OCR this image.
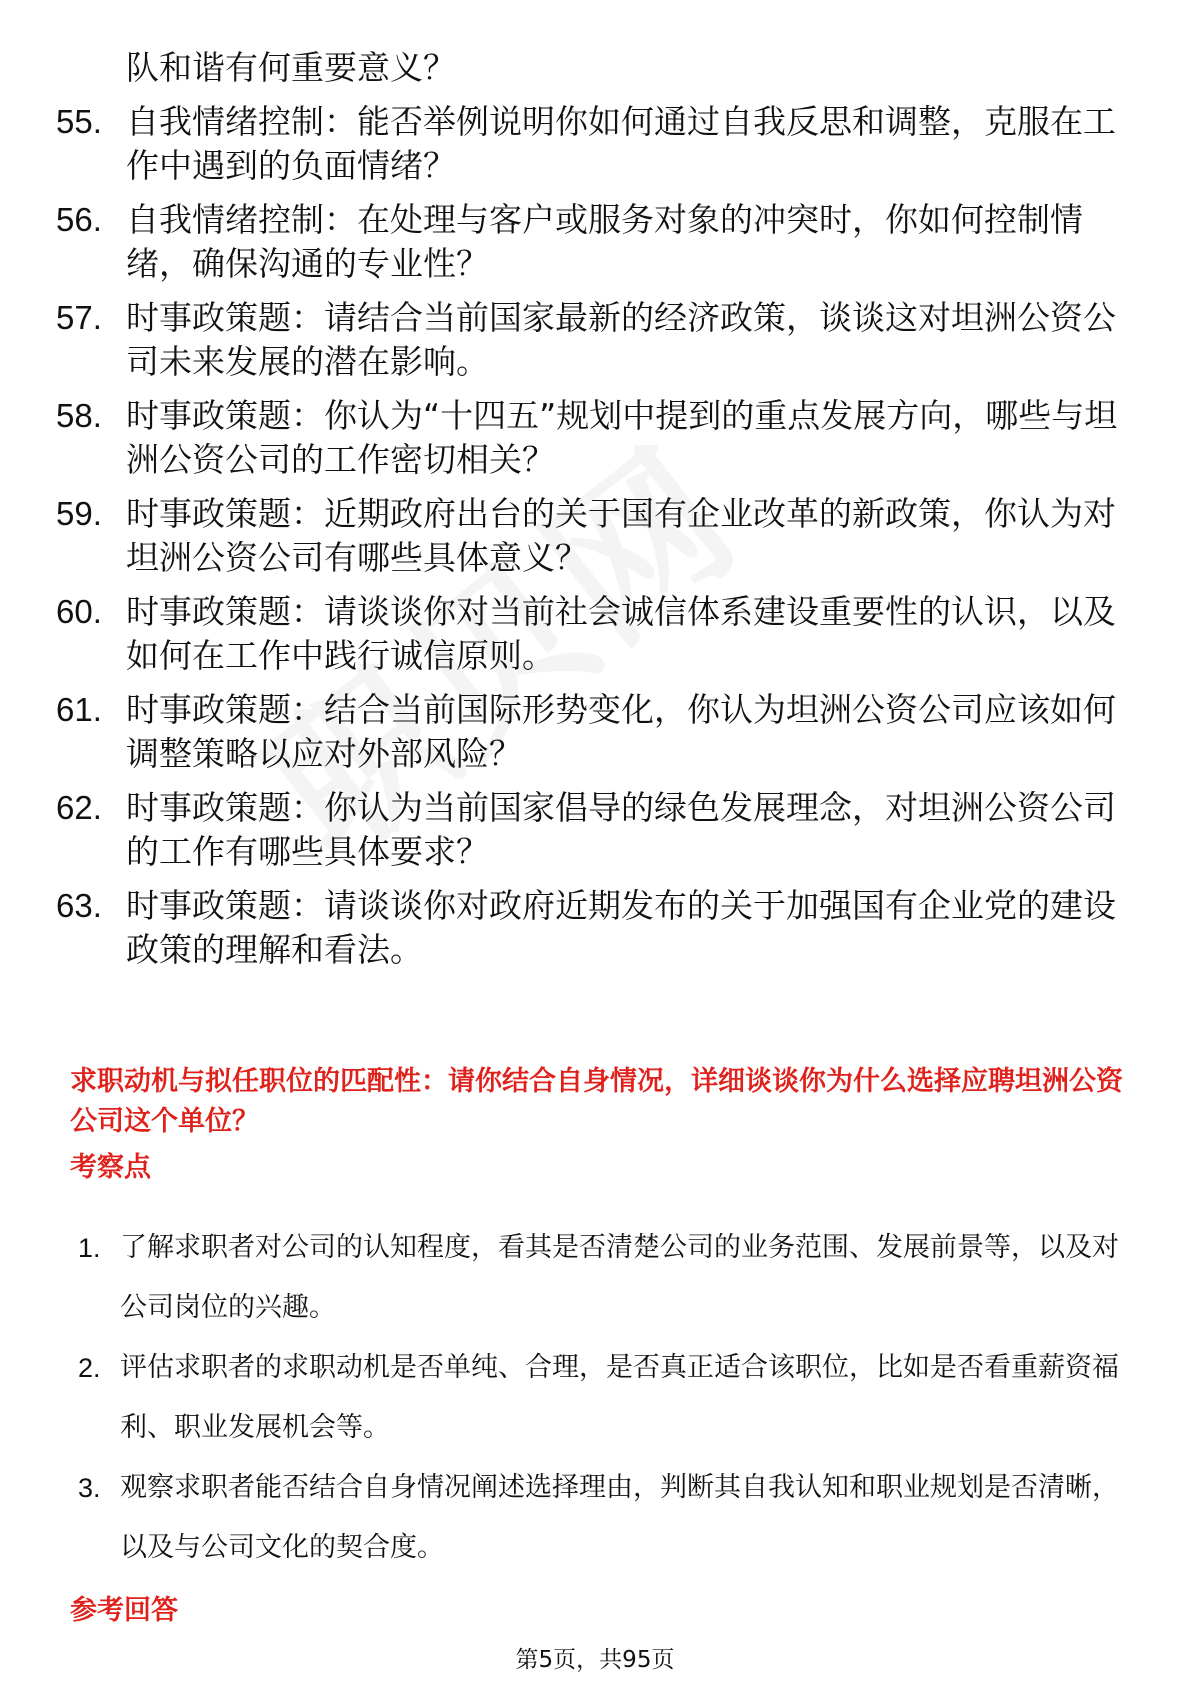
队和谐有何重要意义？
55. 自我情绪控制：能否举例说明你如何通过自我反思和调整，克服在工作中遇到的负面情绪？
56. 自我情绪控制：在处理与客户或服务对象的冲突时，你如何控制情绪，确保沟通的专业性？
57. 时事政策题：请结合当前国家最新的经济政策，谈谈这对坦洲公资公司未来发展的潜在影响。
58. 时事政策题：你认为“十四五”规划中提到的重点发展方向，哪些与坦洲公资公司的工作密切相关？
59. 时事政策题：近期政府出台的关于国有企业改革的新政策，你认为对坦洲公资公司有哪些具体意义？
60. 时事政策题：请谈谈你对当前社会诚信体系建设重要性的认识，以及如何在工作中践行诚信原则。
61. 时事政策题：结合当前国际形势变化，你认为坦洲公资公司应该如何调整策略以应对外部风险？
62. 时事政策题：你认为当前国家倡导的绿色发展理念，对坦洲公资公司的工作有哪些具体要求？
63. 时事政策题：请谈谈你对政府近期发布的关于加强国有企业党的建设政策的理解和看法。
求职动机与拟任职位的匹配性：请你结合自身情况，详细谈谈你为什么选择应聘坦洲公资公司这个单位？
考察点
1. 了解求职者对公司的认知程度，看其是否清楚公司的业务范围、发展前景等，以及对公司岗位的兴趣。
2. 评估求职者的求职动机是否单纯、合理，是否真正适合该职位，比如是否看重薪资福利、职业发展机会等。
3. 观察求职者能否结合自身情况阐述选择理由，判断其自我认知和职业规划是否清晰，以及与公司文化的契合度。
参考回答
第5页，共95页
